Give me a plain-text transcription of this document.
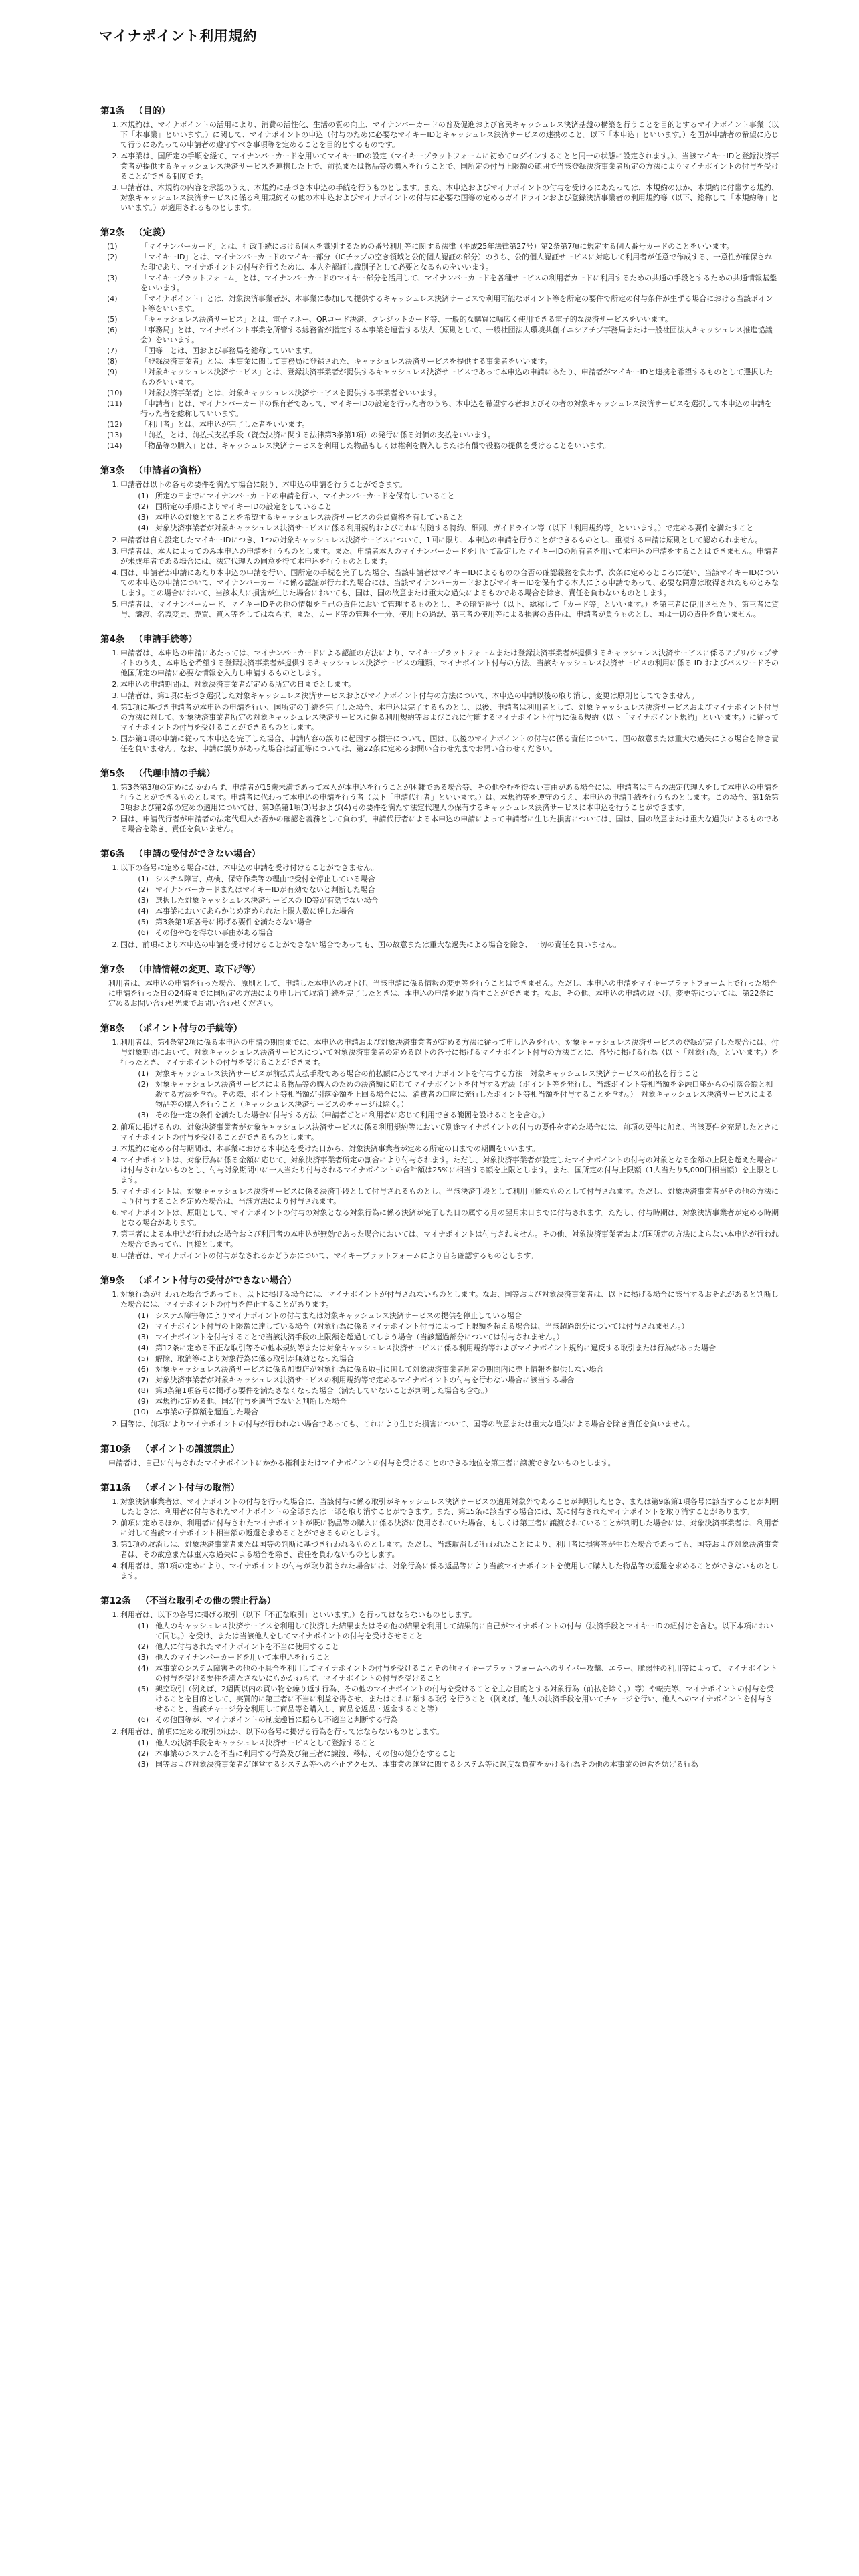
マイナポイント利用規約
第1条 （目的）
1. 本規約は、マイナポイントの活用により、消費の活性化、生活の質の向上、マイナンバーカードの普及促進および官民キャッシュレス決済基盤の構築を行うことを目的とするマイナポイント事業（以下「本事業」といいます。）に関して、マイナポイントの申込（付与のために必要なマイキーIDとキャッシュレス決済サービスの連携のこと。以下「本申込」といいます。）を国が申請者の希望に応じて行うにあたっての申請者の遵守すべき事項等を定めることを目的とするものです。
2. 本事業は、国所定の手順を経て、マイナンバーカードを用いてマイキーIDの設定（マイキープラットフォームに初めてログインすることと同一の状態に設定されます。）、当該マイキーIDと登録決済事業者が提供するキャッシュレス決済サービスを連携した上で、前払または物品等の購入を行うことで、国所定の付与上限額の範囲で当該登録決済事業者所定の方法によりマイナポイントの付与を受けることができる制度です。
3. 申請者は、本規約の内容を承認のうえ、本規約に基づき本申込の手続を行うものとします。また、本申込およびマイナポイントの付与を受けるにあたっては、本規約のほか、本規約に付帯する規約、対象キャッシュレス決済サービスに係る利用規約その他の本申込およびマイナポイントの付与に必要な国等の定めるガイドラインおよび登録決済事業者の利用規約等（以下、総称して「本規約等」といいます。）が適用されるものとします。
第2条 （定義）
(1)	「マイナンバーカード」とは、行政手続における個人を識別するための番号利用等に関する法律（平成25年法律第27号）第2条第7項に規定する個人番号カードのことをいいます。
(2)	「マイキーID」とは、マイナンバーカードのマイキー部分（ICチップの空き領域と公的個人認証の部分）のうち、公的個人認証サービスに対応して利用者が任意で作成する、一意性が確保された印であり、マイナポイントの付与を行うために、本人を認証し識別子として必要となるものをいいます。
(3)	「マイキープラットフォーム」とは、マイナンバーカードのマイキー部分を活用して、マイナンバーカードを各種サービスの利用者カードに利用するための共通の手段とするための共通情報基盤をいいます。
(4)	「マイナポイント」とは、対象決済事業者が、本事業に参加して提供するキャッシュレス決済サービスで利用可能なポイント等を所定の要件で所定の付与条件が生ずる場合における当該ポイント等をいいます。
(5)	「キャッシュレス決済サービス」とは、電子マネー、QRコード決済、クレジットカード等、一般的な購買に幅広く使用できる電子的な決済サービスをいいます。
(6)	「事務局」とは、マイナポイント事業を所管する総務省が指定する本事業を運営する法人（原則として、一般社団法人環境共創イニシアチブ事務局または一般社団法人キャッシュレス推進協議会）をいいます。
(7)	「国等」とは、国および事務局を総称していいます。
(8)	「登録決済事業者」とは、本事業に関して事務局に登録された、キャッシュレス決済サービスを提供する事業者をいいます。
(9)	「対象キャッシュレス決済サービス」とは、登録決済事業者が提供するキャッシュレス決済サービスであって本申込の申請にあたり、申請者がマイキーIDと連携を希望するものとして選択したものをいいます。
(10)	「対象決済事業者」とは、対象キャッシュレス決済サービスを提供する事業者をいいます。
(11)	「申請者」とは、マイナンバーカードの保有者であって、マイキーIDの設定を行った者のうち、本申込を希望する者およびその者の対象キャッシュレス決済サービスを選択して本申込の申請を行った者を総称していいます。
(12)	「利用者」とは、本申込が完了した者をいいます。
(13)	「前払」とは、前払式支払手段（資金決済に関する法律第3条第1項）の発行に係る対価の支払をいいます。
(14)	「物品等の購入」とは、キャッシュレス決済サービスを利用した物品もしくは権利を購入しまたは有償で役務の提供を受けることをいいます。
第3条 （申請者の資格）
1. 申請者は以下の各号の要件を満たす場合に限り、本申込の申請を行うことができます。
(1) 所定の日までにマイナンバーカードの申請を行い、マイナンバーカードを保有していること
(2) 国所定の手順によりマイキーIDの設定をしていること
(3) 本申込の対象とすることを希望するキャッシュレス決済サービスの会員資格を有していること
(4) 対象決済事業者が対象キャッシュレス決済サービスに係る利用規約およびこれに付随する特約、細則、ガイドライン等（以下「利用規約等」といいます。）で定める要件を満たすこと
2. 申請者は自ら設定したマイキーIDにつき、1つの対象キャッシュレス決済サービスについて、1回に限り、本申込の申請を行うことができるものとし、重複する申請は原則として認められません。
3. 申請者は、本人によってのみ本申込の申請を行うものとします。また、申請者本人のマイナンバーカードを用いて設定したマイキーIDの所有者を用いて本申込の申請をすることはできません。申請者が未成年者である場合には、法定代理人の同意を得て本申込を行うものとします。
4. 国は、申請者が申請にあたり本申込の申請を行い、国所定の手続を完了した場合、当該申請者はマイキーIDによるものの合否の確認義務を負わず、次条に定めるところに従い、当該マイキーIDについての本申込の申請について、マイナンバーカードに係る認証が行われた場合には、当該マイナンバーカードおよびマイキーIDを保有する本人による申請であって、必要な同意は取得されたものとみなします。この場合において、当該本人に損害が生じた場合においても、国は、国の故意または重大な過失によるものである場合を除き、責任を負わないものとします。
5. 申請者は、マイナンバーカード、マイキーIDその他の情報を自己の責任において管理するものとし、その暗証番号（以下、総称して「カード等」といいます。）を第三者に使用させたり、第三者に貸与、譲渡、名義変更、売買、質入等をしてはならず、また、カード等の管理不十分、使用上の過誤、第三者の使用等による損害の責任は、申請者が負うものとし、国は一切の責任を負いません。
第4条 （申請手続等）
1. 申請者は、本申込の申請にあたっては、マイナンバーカードによる認証の方法により、マイキープラットフォームまたは登録決済事業者が提供するキャッシュレス決済サービスに係るアプリ/ウェブサイトのうえ、本申込を希望する登録決済事業者が提供するキャッシュレス決済サービスの種類、マイナポイント付与の方法、当該キャッシュレス決済サービスの利用に係る ID およびパスワードその他国所定の申請に必要な情報を入力し申請するものとします。
2. 本申込の申請期間は、対象決済事業者が定める所定の日までとします。
3. 申請者は、第1項に基づき選択した対象キャッシュレス決済サービスおよびマイナポイント付与の方法について、本申込の申請以後の取り消し、変更は原則としてできません。
4. 第1項に基づき申請者が本申込の申請を行い、国所定の手続を完了した場合、本申込は完了するものとし、以後、申請者は利用者として、対象キャッシュレス決済サービスおよびマイナポイント付与の方法に対して、対象決済事業者所定の対象キャッシュレス決済サービスに係る利用規約等およびこれに付随するマイナポイント付与に係る規約（以下「マイナポイント規約」といいます。）に従ってマイナポイントの付与を受けることができるものとします。
5. 国が第1項の申請に従って本申込を完了した場合、申請内容の誤りに起因する損害について、国は、以後のマイナポイントの付与に係る責任について、国の故意または重大な過失による場合を除き責任を負いません。なお、申請に誤りがあった場合は訂正等については、第22条に定めるお問い合わせ先までお問い合わせください。
第5条 （代理申請の手続）
1. 第3条第3項の定めにかかわらず、申請者が15歳未満であって本人が本申込を行うことが困難である場合等、その他やむを得ない事由がある場合には、申請者は自らの法定代理人をして本申込の申請を行うことができるものとします。申請者に代わって本申込の申請を行う者（以下「申請代行者」といいます。）は、本規約等を遵守のうえ、本申込の申請手続を行うものとします。この場合、第1条第3項および第2条の定めの適用については、第3条第1項(3)号および(4)号の要件を満たす法定代理人の保有するキャッシュレス決済サービスに本申込を行うことができます。
2. 国は、申請代行者が申請者の法定代理人か否かの確認を義務として負わず、申請代行者による本申込の申請によって申請者に生じた損害については、国は、国の故意または重大な過失によるものである場合を除き、責任を負いません。
第6条 （申請の受付ができない場合）
1. 以下の各号に定める場合には、本申込の申請を受け付けることができません。
(1) システム障害、点検、保守作業等の理由で受付を停止している場合
(2) マイナンバーカードまたはマイキーIDが有効でないと判断した場合
(3) 選択した対象キャッシュレス決済サービスの ID等が有効でない場合
(4) 本事業においてあらかじめ定められた上限人数に達した場合
(5) 第3条第1項各号に掲げる要件を満たさない場合
(6) その他やむを得ない事由がある場合
2. 国は、前項により本申込の申請を受け付けることができない場合であっても、国の故意または重大な過失による場合を除き、一切の責任を負いません。
第7条 （申請情報の変更、取下げ等）
利用者は、本申込の申請を行った場合、原則として、申請した本申込の取下げ、当該申請に係る情報の変更等を行うことはできません。ただし、本申込の申請をマイキープラットフォーム上で行った場合に申請を行った日の24時までに国所定の方法により申し出て取消手続を完了したときは、本申込の申請を取り消すことができます。なお、その他、本申込の申請の取下げ、変更等については、第22条に定めるお問い合わせ先までお問い合わせください。
第8条 （ポイント付与の手続等）
1. 利用者は、第4条第2項に係る本申込の申請の期間までに、本申込の申請および対象決済事業者が定める方法に従って申し込みを行い、対象キャッシュレス決済サービスの登録が完了した場合には、付与対象期間において、対象キャッシュレス決済サービスについて対象決済事業者の定める以下の各号に掲げるマイナポイント付与の方法ごとに、各号に掲げる行為（以下「対象行為」といいます。）を行ったとき、マイナポイントの付与を受けることができます。
(1) 対象キャッシュレス決済サービスが前払式支払手段である場合の前払額に応じてマイナポイントを付与する方法　対象キャッシュレス決済サービスの前払を行うこと
(2) 対象キャッシュレス決済サービスによる物品等の購入のための決済額に応じてマイナポイントを付与する方法（ポイント等を発行し、当該ポイント等相当額を金融口座からの引落金額と相殺する方法を含む。その際、ポイント等相当額が引落金額を上回る場合には、消費者の口座に発行したポイント等相当額を付与することを含む。）　対象キャッシュレス決済サービスによる物品等の購入を行うこと（キャッシュレス決済サービスのチャージは除く。）
(3) その他一定の条件を満たした場合に付与する方法（申請者ごとに利用者に応じて利用できる範囲を設けることを含む。）
2. 前項に掲げるもの、対象決済事業者が対象キャッシュレス決済サービスに係る利用規約等において別途マイナポイントの付与の要件を定めた場合には、前項の要件に加え、当該要件を充足したときにマイナポイントの付与を受けることができるものとします。
3. 本規約に定める付与期間は、本事業における本申込を受けた日から、対象決済事業者が定める所定の日までの期間をいいます。
4. マイナポイントは、対象行為に係る金額に応じて、対象決済事業者所定の割合により付与されます。ただし、対象決済事業者が設定したマイナポイントの付与の対象となる金額の上限を超えた場合には付与されないものとし、付与対象期間中に一人当たり付与されるマイナポイントの合計額は25%に相当する額を上限とします。また、国所定の付与上限額（1人当たり5,000円相当額）を上限とします。
5. マイナポイントは、対象キャッシュレス決済サービスに係る決済手段として付与されるものとし、当該決済手段として利用可能なものとして付与されます。ただし、対象決済事業者がその他の方法により付与することを定めた場合は、当該方法により付与されます。
6. マイナポイントは、原則として、マイナポイントの付与の対象となる対象行為に係る決済が完了した日の属する月の翌月末日までに付与されます。ただし、付与時期は、対象決済事業者が定める時期となる場合があります。
7. 第三者による本申込が行われた場合および利用者の本申込が無効であった場合においては、マイナポイントは付与されません。その他、対象決済事業者および国所定の方法によらない本申込が行われた場合であっても、同様とします。
8. 申請者は、マイナポイントの付与がなされるかどうかについて、マイキープラットフォームにより自ら確認するものとします。
第9条 （ポイント付与の受付ができない場合）
1. 対象行為が行われた場合であっても、以下に掲げる場合には、マイナポイントが付与されないものとします。なお、国等および対象決済事業者は、以下に掲げる場合に該当するおそれがあると判断した場合には、マイナポイントの付与を停止することがあります。
(1) システム障害等によりマイナポイントの付与または対象キャッシュレス決済サービスの提供を停止している場合
(2) マイナポイント付与の上限額に達している場合（対象行為に係るマイナポイント付与によって上限額を超える場合は、当該超過部分については付与されません。）
(3) マイナポイントを付与することで当該決済手段の上限額を超過してしまう場合（当該超過部分については付与されません。）
(4) 第12条に定める不正な取引等その他本規約等または対象キャッシュレス決済サービスに係る利用規約等およびマイナポイント規約に違反する取引または行為があった場合
(5) 解除、取消等により対象行為に係る取引が無効となった場合
(6) 対象キャッシュレス決済サービスに係る加盟店が対象行為に係る取引に関して対象決済事業者所定の期間内に売上情報を提供しない場合
(7) 対象決済事業者が対象キャッシュレス決済サービスの利用規約等で定めるマイナポイントの付与を行わない場合に該当する場合
(8) 第3条第1項各号に掲げる要件を満たさなくなった場合（満たしていないことが判明した場合も含む。）
(9) 本規約に定める他、国が付与を適当でないと判断した場合
(10) 本事業の予算額を超過した場合
2. 国等は、前項によりマイナポイントの付与が行われない場合であっても、これにより生じた損害について、国等の故意または重大な過失による場合を除き責任を負いません。
第10条 （ポイントの譲渡禁止）
申請者は、自己に付与されたマイナポイントにかかる権利またはマイナポイントの付与を受けることのできる地位を第三者に譲渡できないものとします。
第11条 （ポイント付与の取消）
1. 対象決済事業者は、マイナポイントの付与を行った場合に、当該付与に係る取引がキャッシュレス決済サービスの適用対象外であることが判明したとき、または第9条第1項各号に該当することが判明したときは、利用者に付与されたマイナポイントの全部または一部を取り消すことができます。また、第15条に該当する場合には、既に付与されたマイナポイントを取り消すことがあります。
2. 前項に定めるほか、利用者に付与されたマイナポイントが既に物品等の購入に係る決済に使用されていた場合、もしくは第三者に譲渡されていることが判明した場合には、対象決済事業者は、利用者に対して当該マイナポイント相当額の返還を求めることができるものとします。
3. 第1項の取消しは、対象決済事業者または国等の判断に基づき行われるものとします。ただし、当該取消しが行われたことにより、利用者に損害等が生じた場合であっても、国等および対象決済事業者は、その故意または重大な過失による場合を除き、責任を負わないものとします。
4. 利用者は、第1項の定めにより、マイナポイントの付与が取り消された場合には、対象行為に係る返品等により当該マイナポイントを使用して購入した物品等の返還を求めることができないものとします。
第12条 （不当な取引その他の禁止行為）
1. 利用者は、以下の各号に掲げる取引（以下「不正な取引」といいます。）を行ってはならないものとします。
(1) 他人のキャッシュレス決済サービスを利用して決済した結果またはその他の結果を利用して結果的に自己がマイナポイントの付与（決済手段とマイキーIDの紐付けを含む。以下本項において同じ。）を受け、または当該他人をしてマイナポイントの付与を受けさせること
(2) 他人に付与されたマイナポイントを不当に使用すること
(3) 他人のマイナンバーカードを用いて本申込を行うこと
(4) 本事業のシステム障害その他の不具合を利用してマイナポイントの付与を受けることその他マイキープラットフォームへのサイバー攻撃、エラー、脆弱性の利用等によって、マイナポイントの付与を受ける要件を満たさないにもかかわらず、マイナポイントの付与を受けること
(5) 架空取引（例えば、2週間以内の買い物を繰り返す行為、その他のマイナポイントの付与を受けることを主な目的とする対象行為（前払を除く。）等）や転売等、マイナポイントの付与を受けることを目的として、実質的に第三者に不当に利益を得させ、またはこれに類する取引を行うこと（例えば、他人の決済手段を用いてチャージを行い、他人へのマイナポイントを付与させること、当該チャージ分を利用して商品等を購入し、商品を返品・返金すること等）
(6) その他国等が、マイナポイントの制度趣旨に照らし不適当と判断する行為
2. 利用者は、前項に定める取引のほか、以下の各号に掲げる行為を行ってはならないものとします。
(1) 他人の決済手段をキャッシュレス決済サービスとして登録すること
(2) 本事業のシステムを不当に利用する行為及び第三者に譲渡、移転、その他の処分をすること
(3) 国等および対象決済事業者が運営するシステム等への不正アクセス、本事業の運営に関するシステム等に過度な負荷をかける行為その他の本事業の運営を妨げる行為
